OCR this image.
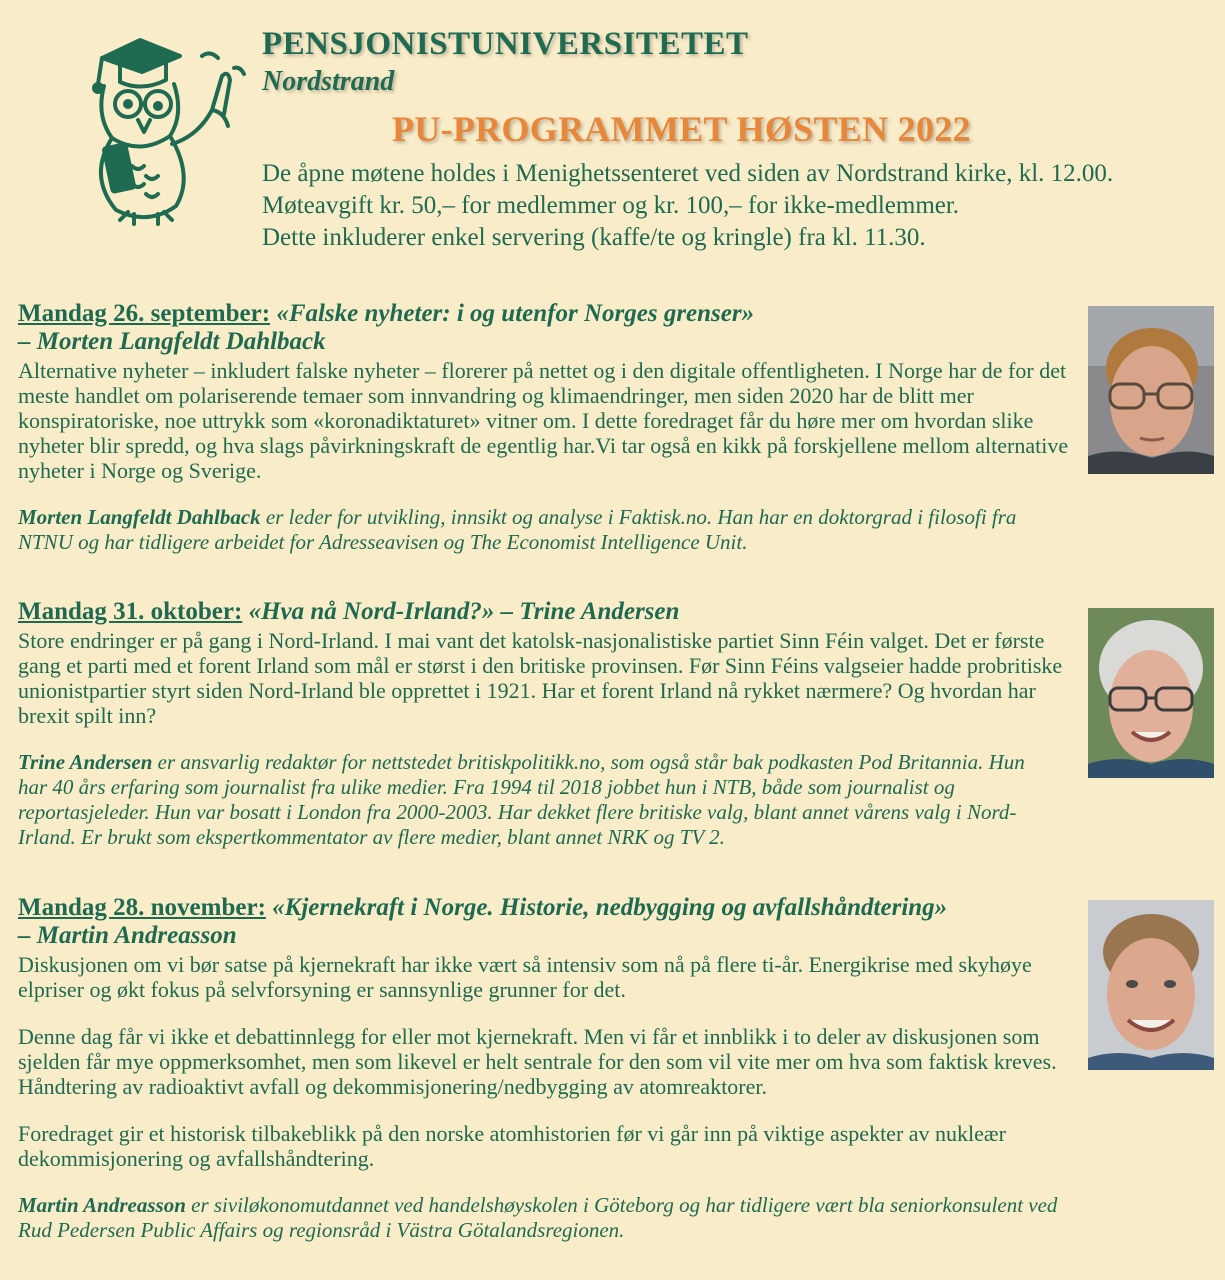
PENSJONISTUNIVERSITETET
Nordstrand
PU-PROGRAMMET HØSTEN 2022
De åpne møtene holdes i Menighetssenteret ved siden av Nordstrand kirke, kl. 12.00.
Møteavgift kr. 50,– for medlemmer og kr. 100,– for ikke-medlemmer.
Dette inkluderer enkel servering (kaffe/te og kringle) fra kl. 11.30.
Mandag 26. september: «Falske nyheter: i og utenfor Norges grenser»
– Morten Langfeldt Dahlback

Alternative nyheter – inkludert falske nyheter – florerer på nettet og i den digitale offentligheten. I Norge har de for det meste handlet om polariserende temaer som innvandring og klimaendringer, men siden 2020 har de blitt mer konspiratoriske, noe uttrykk som «koronadiktaturet» vitner om. I dette foredraget får du høre mer om hvordan slike nyheter blir spredd, og hva slags påvirkningskraft de egentlig har.Vi tar også en kikk på forskjellene mellom alternative nyheter i Norge og Sverige.

Morten Langfeldt Dahlback er leder for utvikling, innsikt og analyse i Faktisk.no. Han har en doktorgrad i filosofi fra NTNU og har tidligere arbeidet for Adresseavisen og The Economist Intelligence Unit.

Mandag 31. oktober: «Hva nå Nord-Irland?» – Trine Andersen

Store endringer er på gang i Nord-Irland. I mai vant det katolsk-nasjonalistiske partiet Sinn Féin valget. Det er første gang et parti med et forent Irland som mål er størst i den britiske provinsen. Før Sinn Féins valgseier hadde probritiske unionistpartier styrt siden Nord-Irland ble opprettet i 1921. Har et forent Irland nå rykket nærmere? Og hvordan har brexit spilt inn?

Trine Andersen er ansvarlig redaktør for nettstedet britiskpolitikk.no, som også står bak podkasten Pod Britannia. Hun har 40 års erfaring som journalist fra ulike medier. Fra 1994 til 2018 jobbet hun i NTB, både som journalist og reportasjeleder. Hun var bosatt i London fra 2000-2003. Har dekket flere britiske valg, blant annet vårens valg i Nord-Irland. Er brukt som ekspertkommentator av flere medier, blant annet NRK og TV 2.

Mandag 28. november: «Kjernekraft i Norge. Historie, nedbygging og avfallshåndtering»
– Martin Andreasson

Diskusjonen om vi bør satse på kjernekraft har ikke vært så intensiv som nå på flere ti-år. Energikrise med skyhøye elpriser og økt fokus på selvforsyning er sannsynlige grunner for det.

Denne dag får vi ikke et debattinnlegg for eller mot kjernekraft. Men vi får et innblikk i to deler av diskusjonen som sjelden får mye oppmerksomhet, men som likevel er helt sentrale for den som vil vite mer om hva som faktisk kreves. Håndtering av radioaktivt avfall og dekommisjonering/nedbygging av atomreaktorer.

Foredraget gir et historisk tilbakeblikk på den norske atomhistorien før vi går inn på viktige aspekter av nukleær dekommisjonering og avfallshåndtering.

Martin Andreasson er siviløkonomutdannet ved handelshøyskolen i Göteborg og har tidligere vært bla seniorkonsulent ved Rud Pedersen Public Affairs og regionsråd i Västra Götalandsregionen.
